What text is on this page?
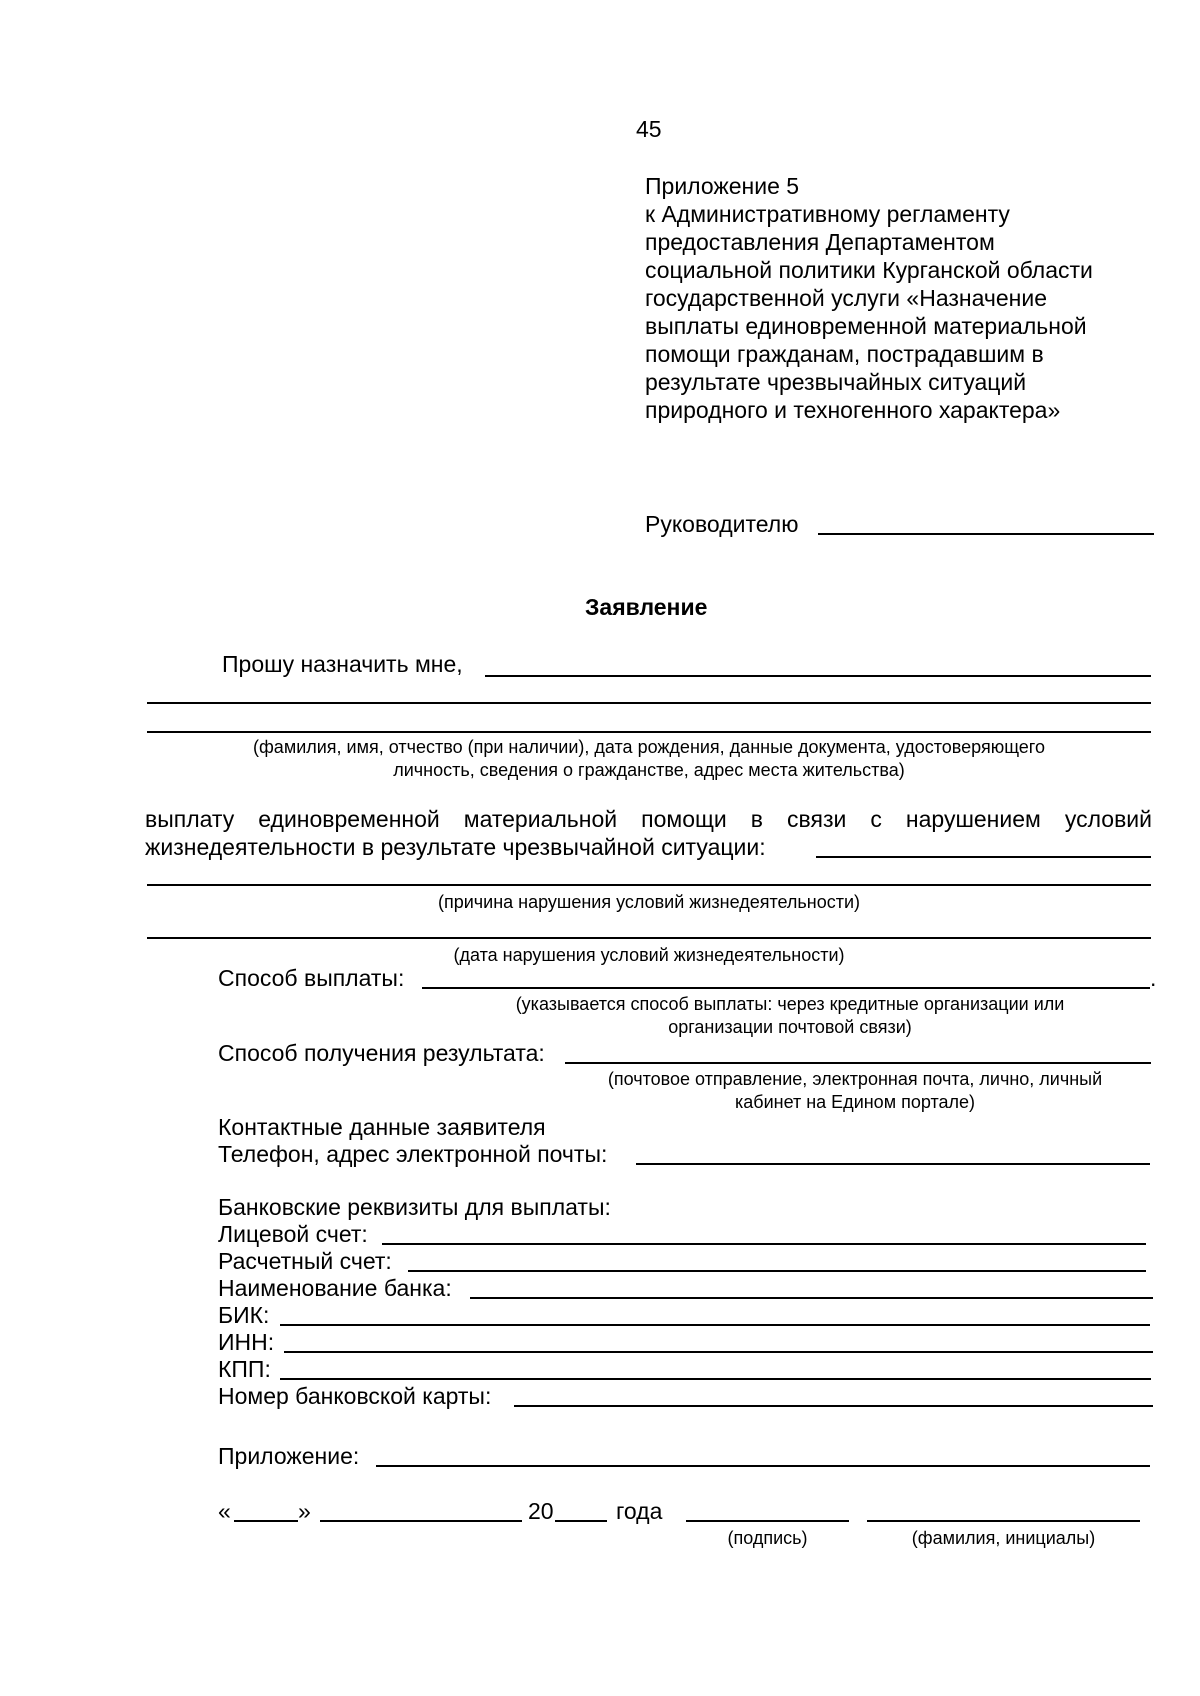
45
Приложение 5
к Административному регламенту
предоставления Департаментом
социальной политики Курганской области
государственной услуги «Назначение
выплаты единовременной материальной
помощи гражданам, пострадавшим в
результате чрезвычайных ситуаций
природного и техногенного характера»
Руководителю
Заявление
Прошу назначить мне,
(фамилия, имя, отчество (при наличии), дата рождения, данные документа, удостоверяющего
личность, сведения о гражданстве, адрес места жительства)
выплату единовременной материальной помощи в связи с нарушением условий
жизнедеятельности в результате чрезвычайной ситуации:
(причина нарушения условий жизнедеятельности)
(дата нарушения условий жизнедеятельности)
Способ выплаты:	.
(указывается способ выплаты: через кредитные организации или
организации почтовой связи)
Способ получения результата:
(почтовое отправление, электронная почта, лично, личный
кабинет на Едином портале)
Контактные данные заявителя
Телефон, адрес электронной почты:
Банковские реквизиты для выплаты:
Лицевой счет:
Расчетный счет:
Наименование банка:
БИК:
ИНН:
КПП:
Номер банковской карты:
Приложение:
«	»	20	года
(подпись)	(фамилия, инициалы)
